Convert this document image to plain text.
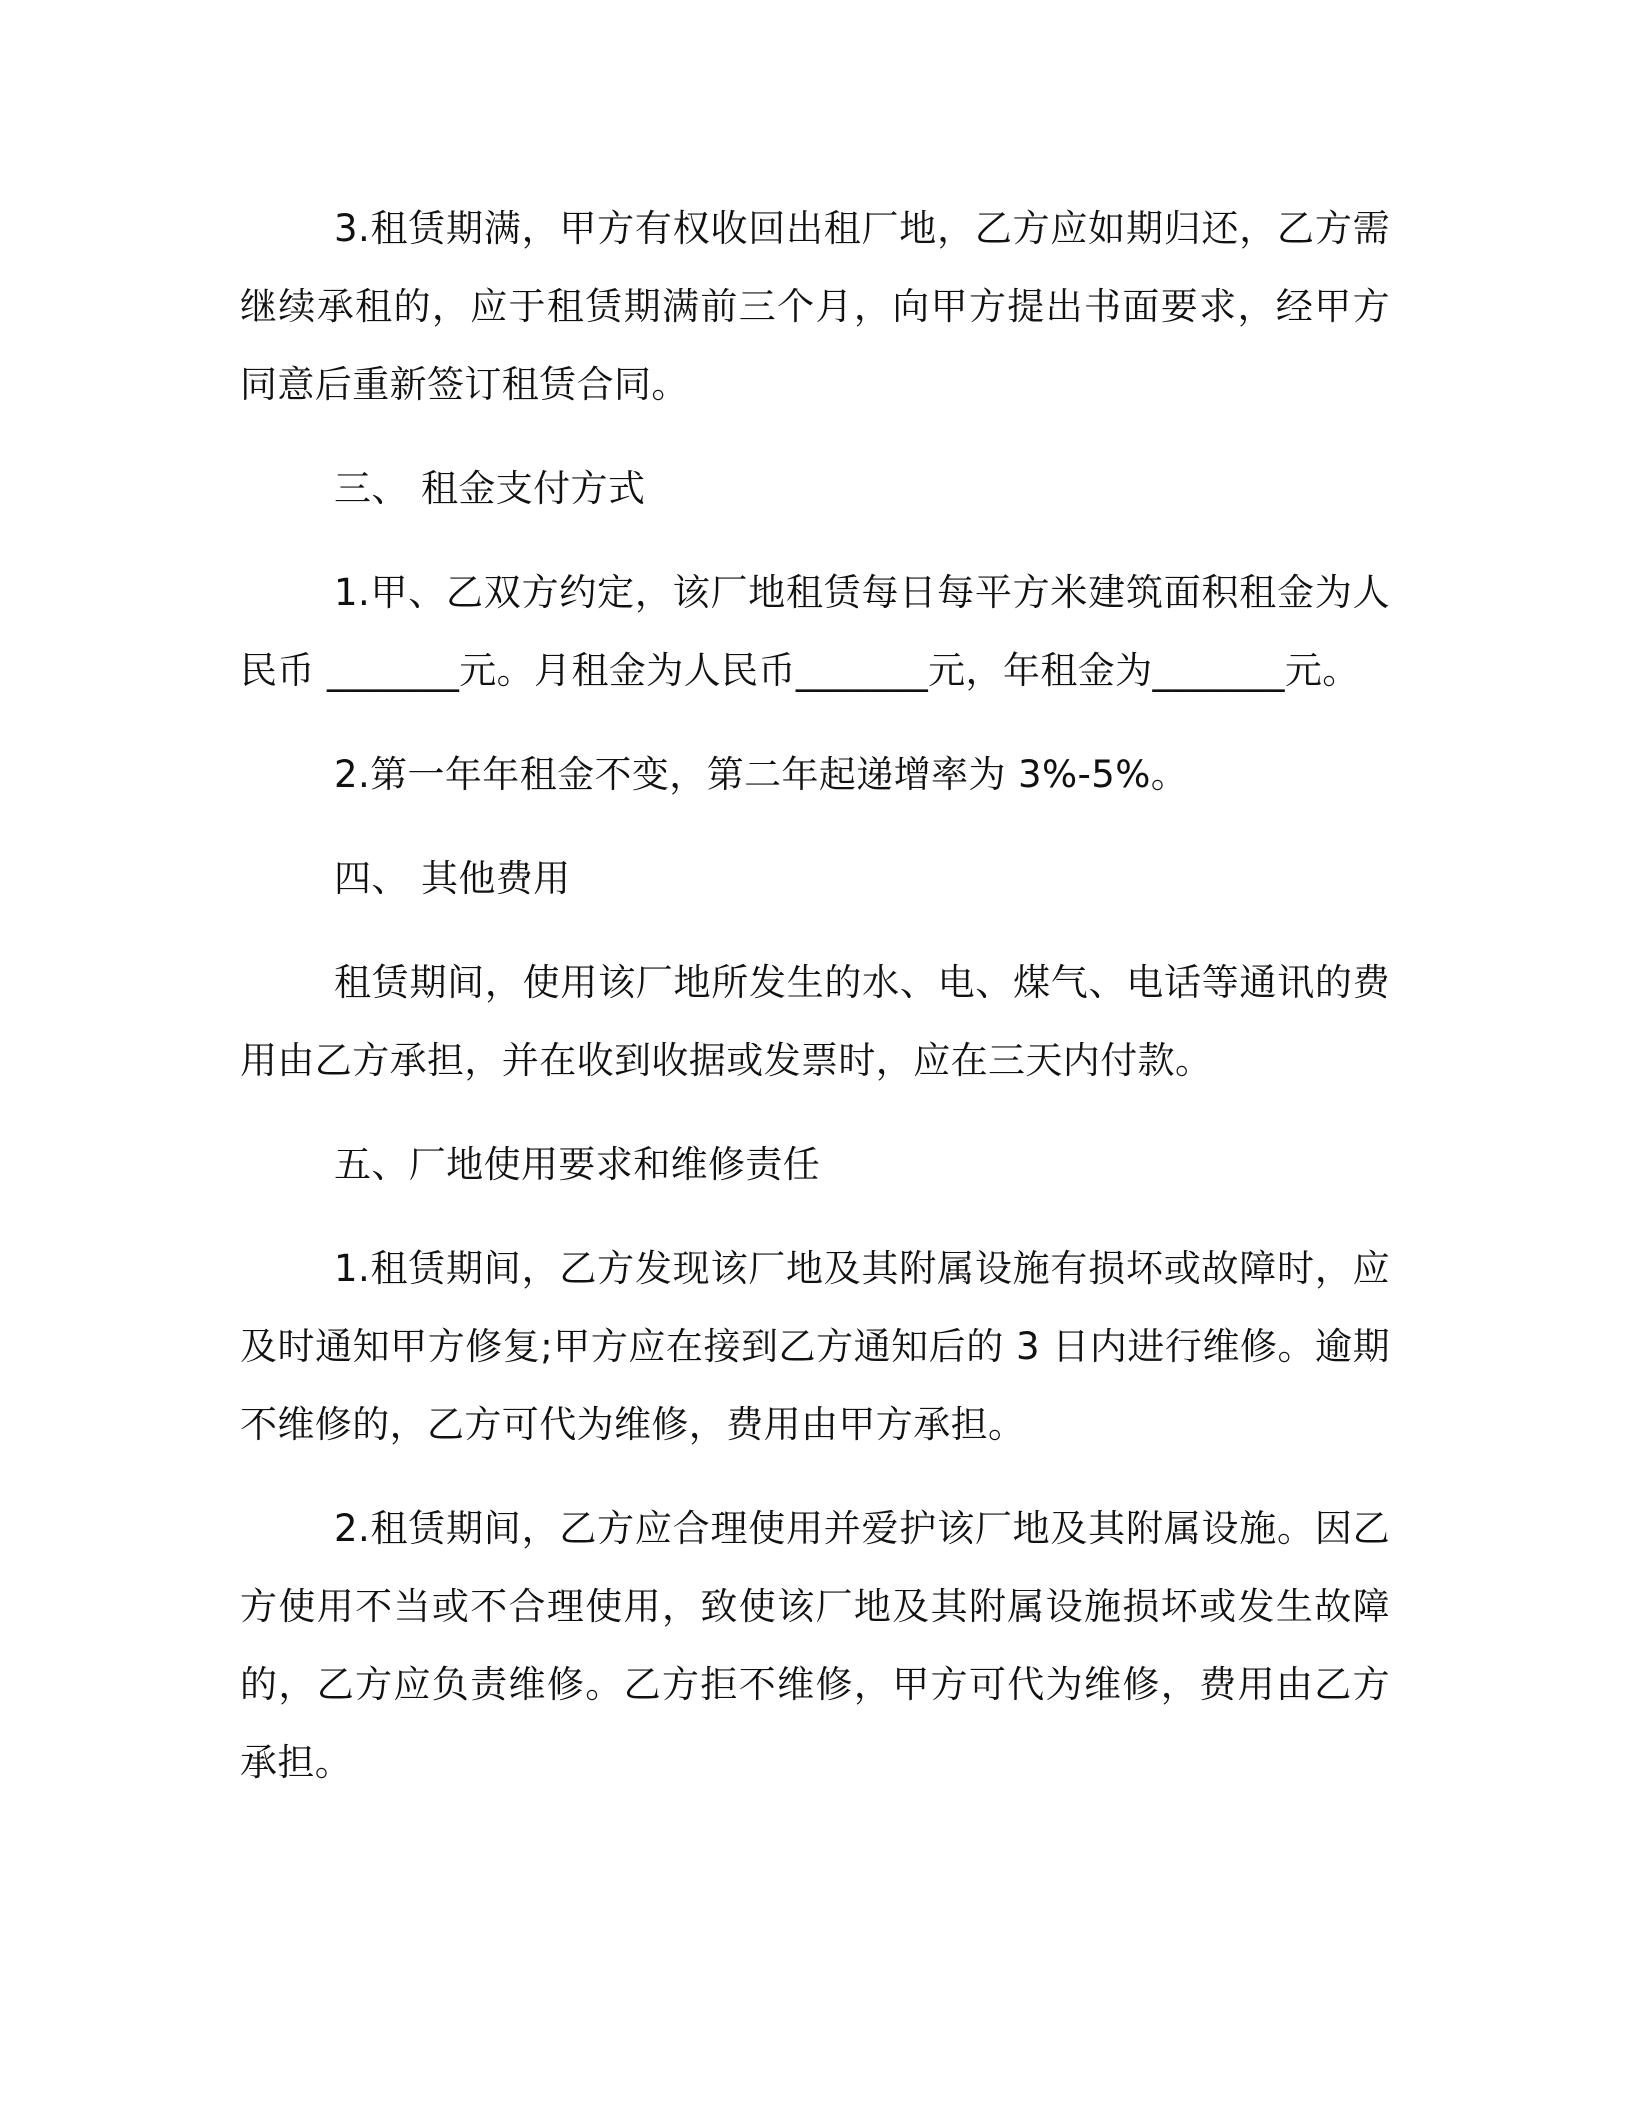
3.租赁期满，甲方有权收回出租厂地，乙方应如期归还，乙方需继续承租的，应于租赁期满前三个月，向甲方提出书面要求，经甲方同意后重新签订租赁合同。

三、 租金支付方式

1.甲、乙双方约定，该厂地租赁每日每平方米建筑面积租金为人民币 _______元。月租金为人民币_______元，年租金为_______元。

2.第一年年租金不变，第二年起递增率为 3%-5%。

四、 其他费用

租赁期间，使用该厂地所发生的水、电、煤气、电话等通讯的费用由乙方承担，并在收到收据或发票时，应在三天内付款。

五、厂地使用要求和维修责任

1.租赁期间，乙方发现该厂地及其附属设施有损坏或故障时，应及时通知甲方修复;甲方应在接到乙方通知后的 3 日内进行维修。逾期不维修的，乙方可代为维修，费用由甲方承担。

2.租赁期间，乙方应合理使用并爱护该厂地及其附属设施。因乙方使用不当或不合理使用，致使该厂地及其附属设施损坏或发生故障的，乙方应负责维修。乙方拒不维修，甲方可代为维修，费用由乙方承担。
